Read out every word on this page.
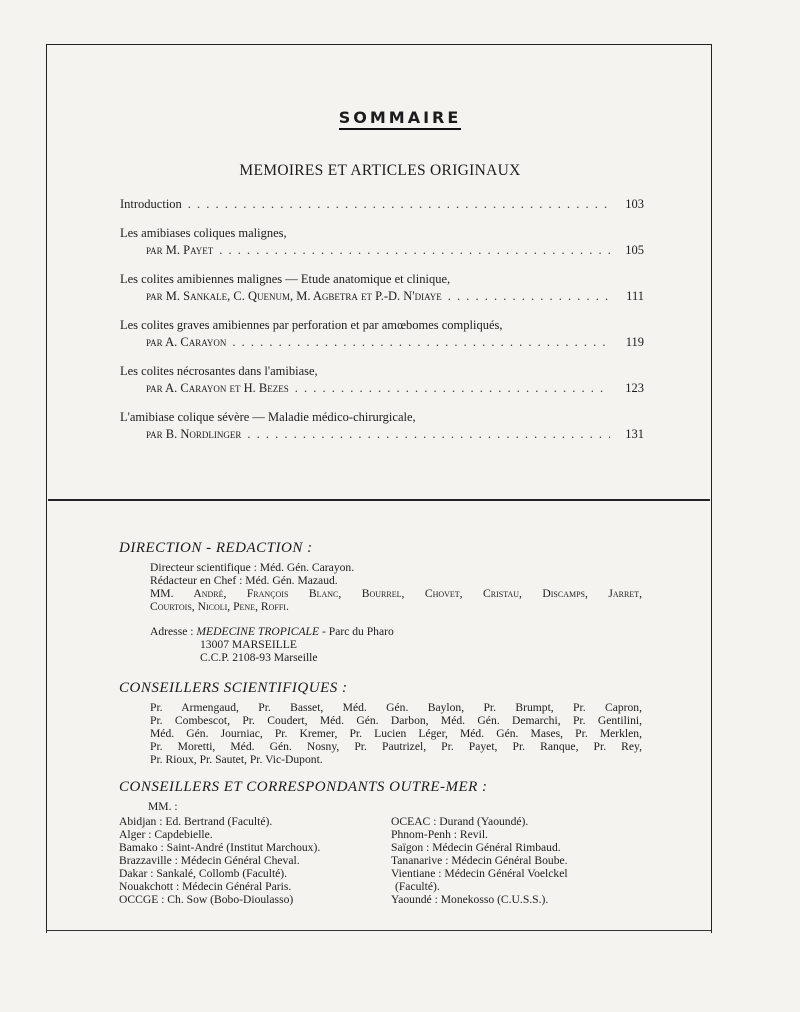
SOMMAIRE
MEMOIRES ET ARTICLES ORIGINAUX
Introduction . . .	103
Les amibiases coliques malignes,
par M. Payet . . .	105
Les colites amibiennes malignes — Etude anatomique et clinique,
par M. Sankale, C. Quenum, M. Agbetra et P.-D. N'diaye . . .	111
Les colites graves amibiennes par perforation et par amœbomes compliqués,
par A. Carayon . . .	119
Les colites nécrosantes dans l'amibiase,
par A. Carayon et H. Bezes . . .	123
L'amibiase colique sévère — Maladie médico-chirurgicale,
par B. Nordlinger . . .	131
DIRECTION - REDACTION :
Directeur scientifique : Méd. Gén. Carayon.
Rédacteur en Chef : Méd. Gén. Mazaud.
MM. André, François Blanc, Bourrel, Chovet, Cristau, Discamps, Jarret,
Courtois, Nicoli, Pene, Roffi.
Adresse : MEDECINE TROPICALE - Parc du Pharo
13007 MARSEILLE
C.C.P. 2108-93 Marseille
CONSEILLERS SCIENTIFIQUES :
Pr. Armengaud, Pr. Basset, Méd. Gén. Baylon, Pr. Brumpt, Pr. Capron,
Pr. Combescot, Pr. Coudert, Méd. Gén. Darbon, Méd. Gén. Demarchi, Pr. Gentilini,
Méd. Gén. Journiac, Pr. Kremer, Pr. Lucien Léger, Méd. Gén. Mases, Pr. Merklen,
Pr. Moretti, Méd. Gén. Nosny, Pr. Pautrizel, Pr. Payet, Pr. Ranque, Pr. Rey,
Pr. Rioux, Pr. Sautet, Pr. Vic-Dupont.
CONSEILLERS ET CORRESPONDANTS OUTRE-MER :
MM. :
Abidjan : Ed. Bertrand (Faculté).
Alger : Capdebielle.
Bamako : Saint-André (Institut Marchoux).
Brazzaville : Médecin Général Cheval.
Dakar : Sankalé, Collomb (Faculté).
Nouakchott : Médecin Général Paris.
OCCGE : Ch. Sow (Bobo-Dioulasso)
OCEAC : Durand (Yaoundé).
Phnom-Penh : Revil.
Saïgon : Médecin Général Rimbaud.
Tananarive : Médecin Général Boube.
Vientiane : Médecin Général Voelckel
(Faculté).
Yaoundé : Monekosso (C.U.S.S.).
